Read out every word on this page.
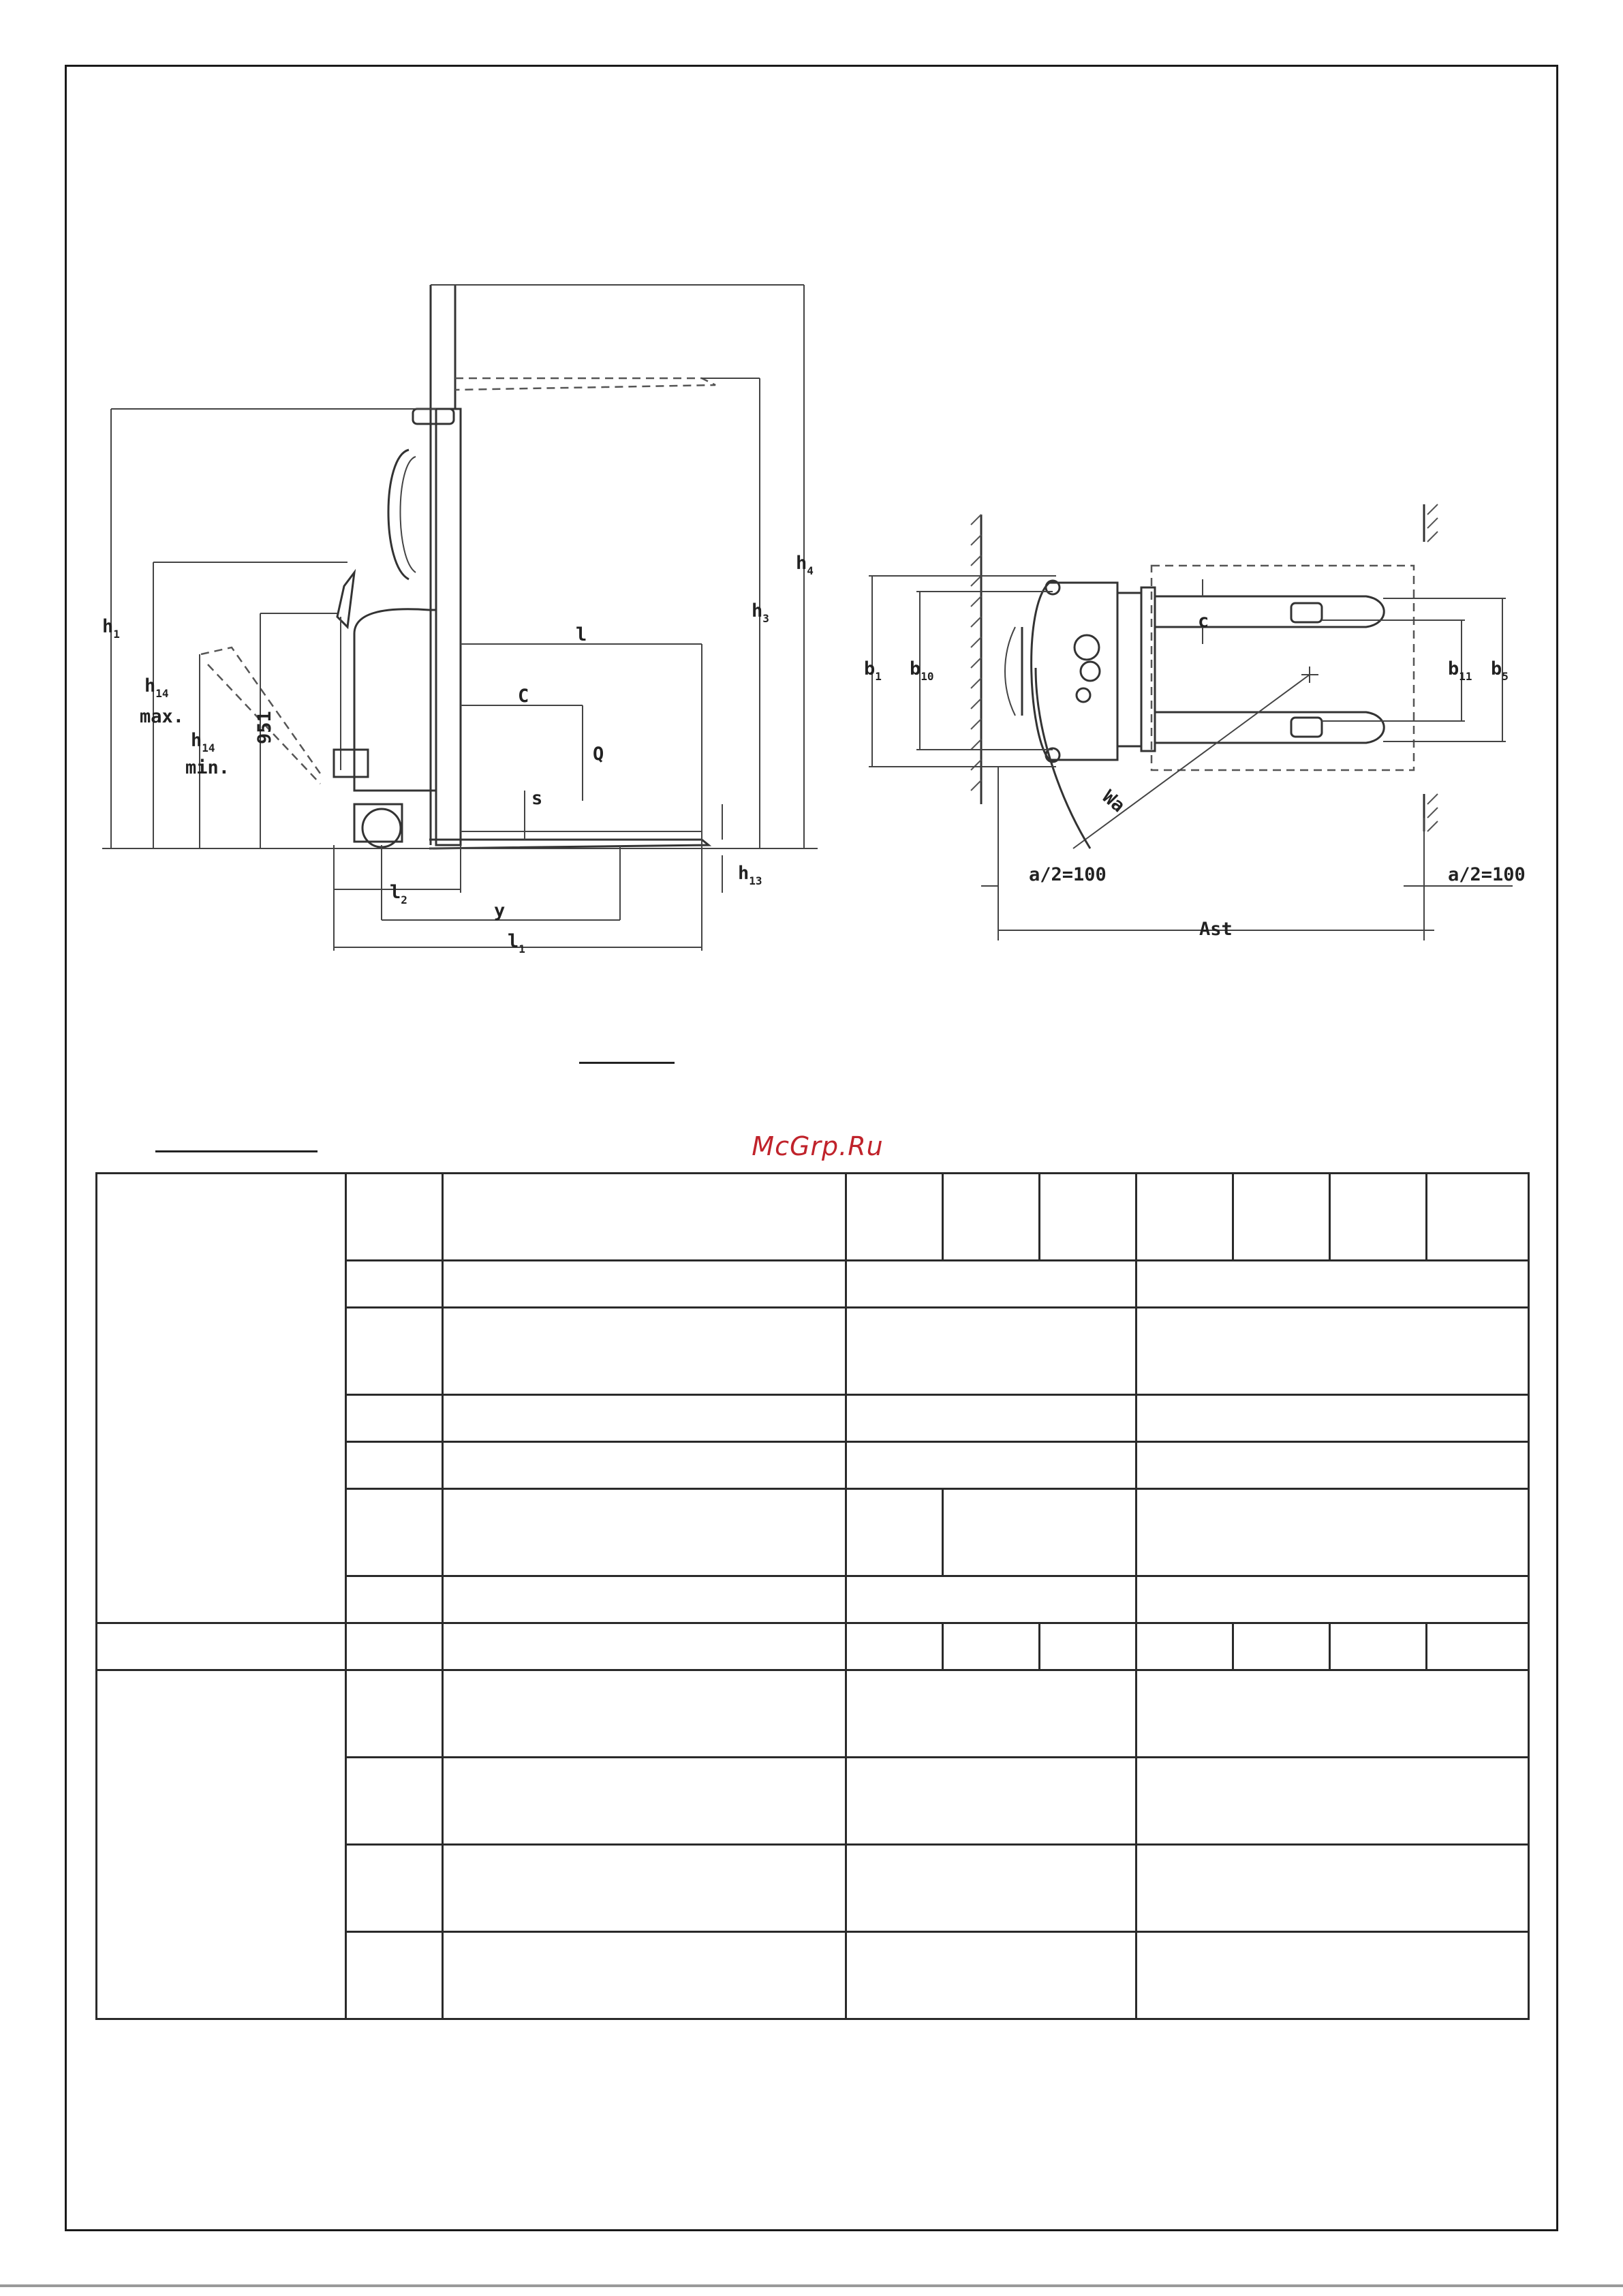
$h_1$
$h_{14}$
max.
$h_{14}$
min.
951
l
C
Q
s
$h_3$
$h_4$
$h_{13}$
$l_2$
y
$l_1$
Wa
$b_1$ $b_{10}$
c
$b_{11}$ $b_5$
a/2=100	a/2=100
Ast
McGrp.Ru
